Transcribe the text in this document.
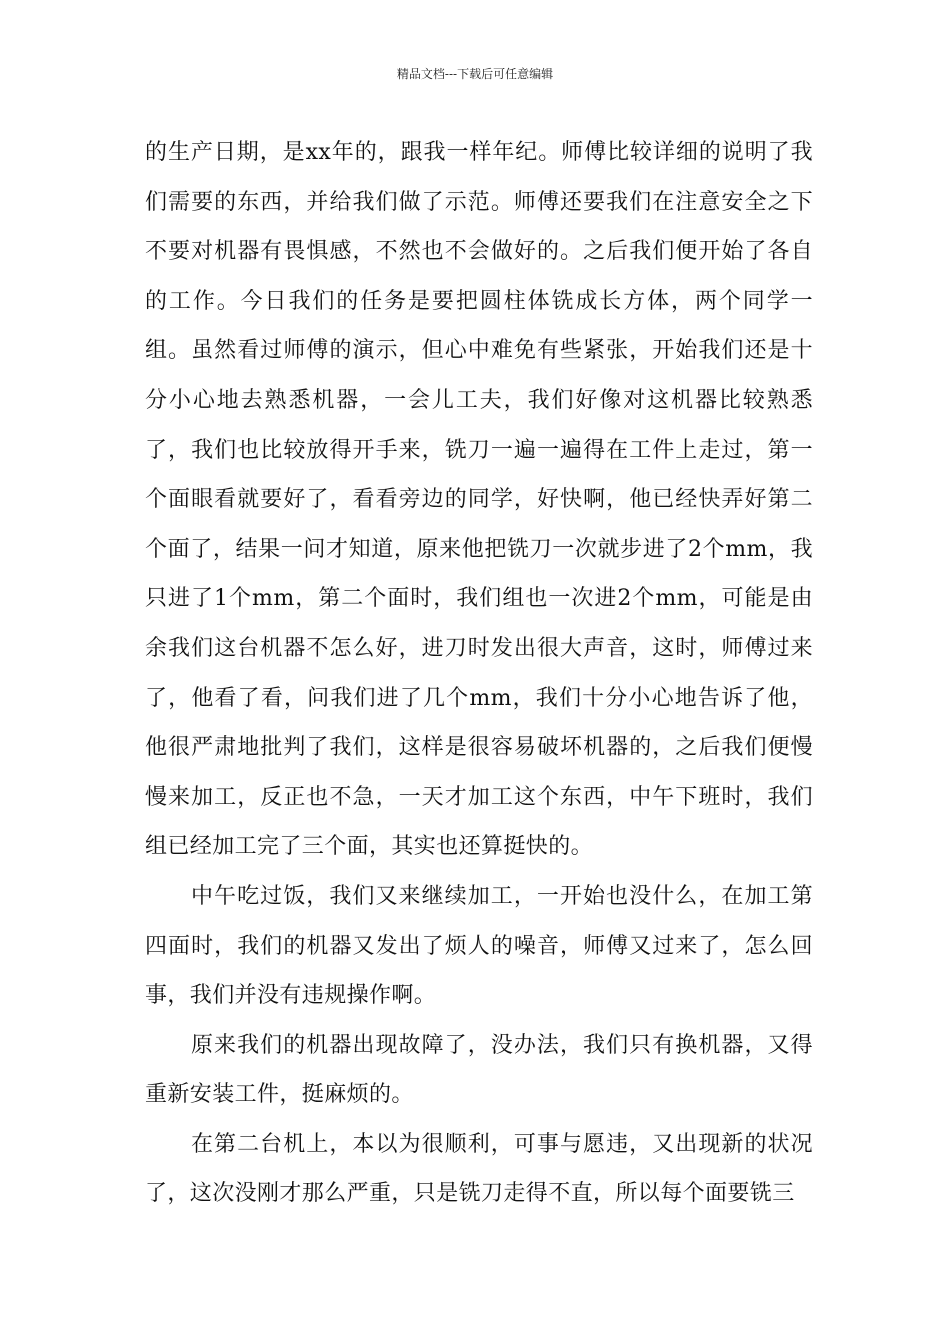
精品文档---下载后可任意编辑

的生产日期，是xx年的，跟我一样年纪。师傅比较详细的说明了我们需要的东西，并给我们做了示范。师傅还要我们在注意安全之下不要对机器有畏惧感，不然也不会做好的。之后我们便开始了各自的工作。今日我们的任务是要把圆柱体铣成长方体，两个同学一组。虽然看过师傅的演示，但心中难免有些紧张，开始我们还是十分小心地去熟悉机器，一会儿工夫，我们好像对这机器比较熟悉了，我们也比较放得开手来，铣刀一遍一遍得在工件上走过，第一个面眼看就要好了，看看旁边的同学，好快啊，他已经快弄好第二个面了，结果一问才知道，原来他把铣刀一次就步进了2个mm，我只进了1个mm，第二个面时，我们组也一次进2个mm，可能是由余我们这台机器不怎么好，进刀时发出很大声音，这时，师傅过来了，他看了看，问我们进了几个mm，我们十分小心地告诉了他，他很严肃地批判了我们，这样是很容易破坏机器的，之后我们便慢慢来加工，反正也不急，一天才加工这个东西，中午下班时，我们组已经加工完了三个面，其实也还算挺快的。

中午吃过饭，我们又来继续加工，一开始也没什么，在加工第四面时，我们的机器又发出了烦人的噪音，师傅又过来了，怎么回事，我们并没有违规操作啊。

原来我们的机器出现故障了，没办法，我们只有换机器，又得重新安装工件，挺麻烦的。

在第二台机上，本以为很顺利，可事与愿违，又出现新的状况了，这次没刚才那么严重，只是铣刀走得不直，所以每个面要铣三
